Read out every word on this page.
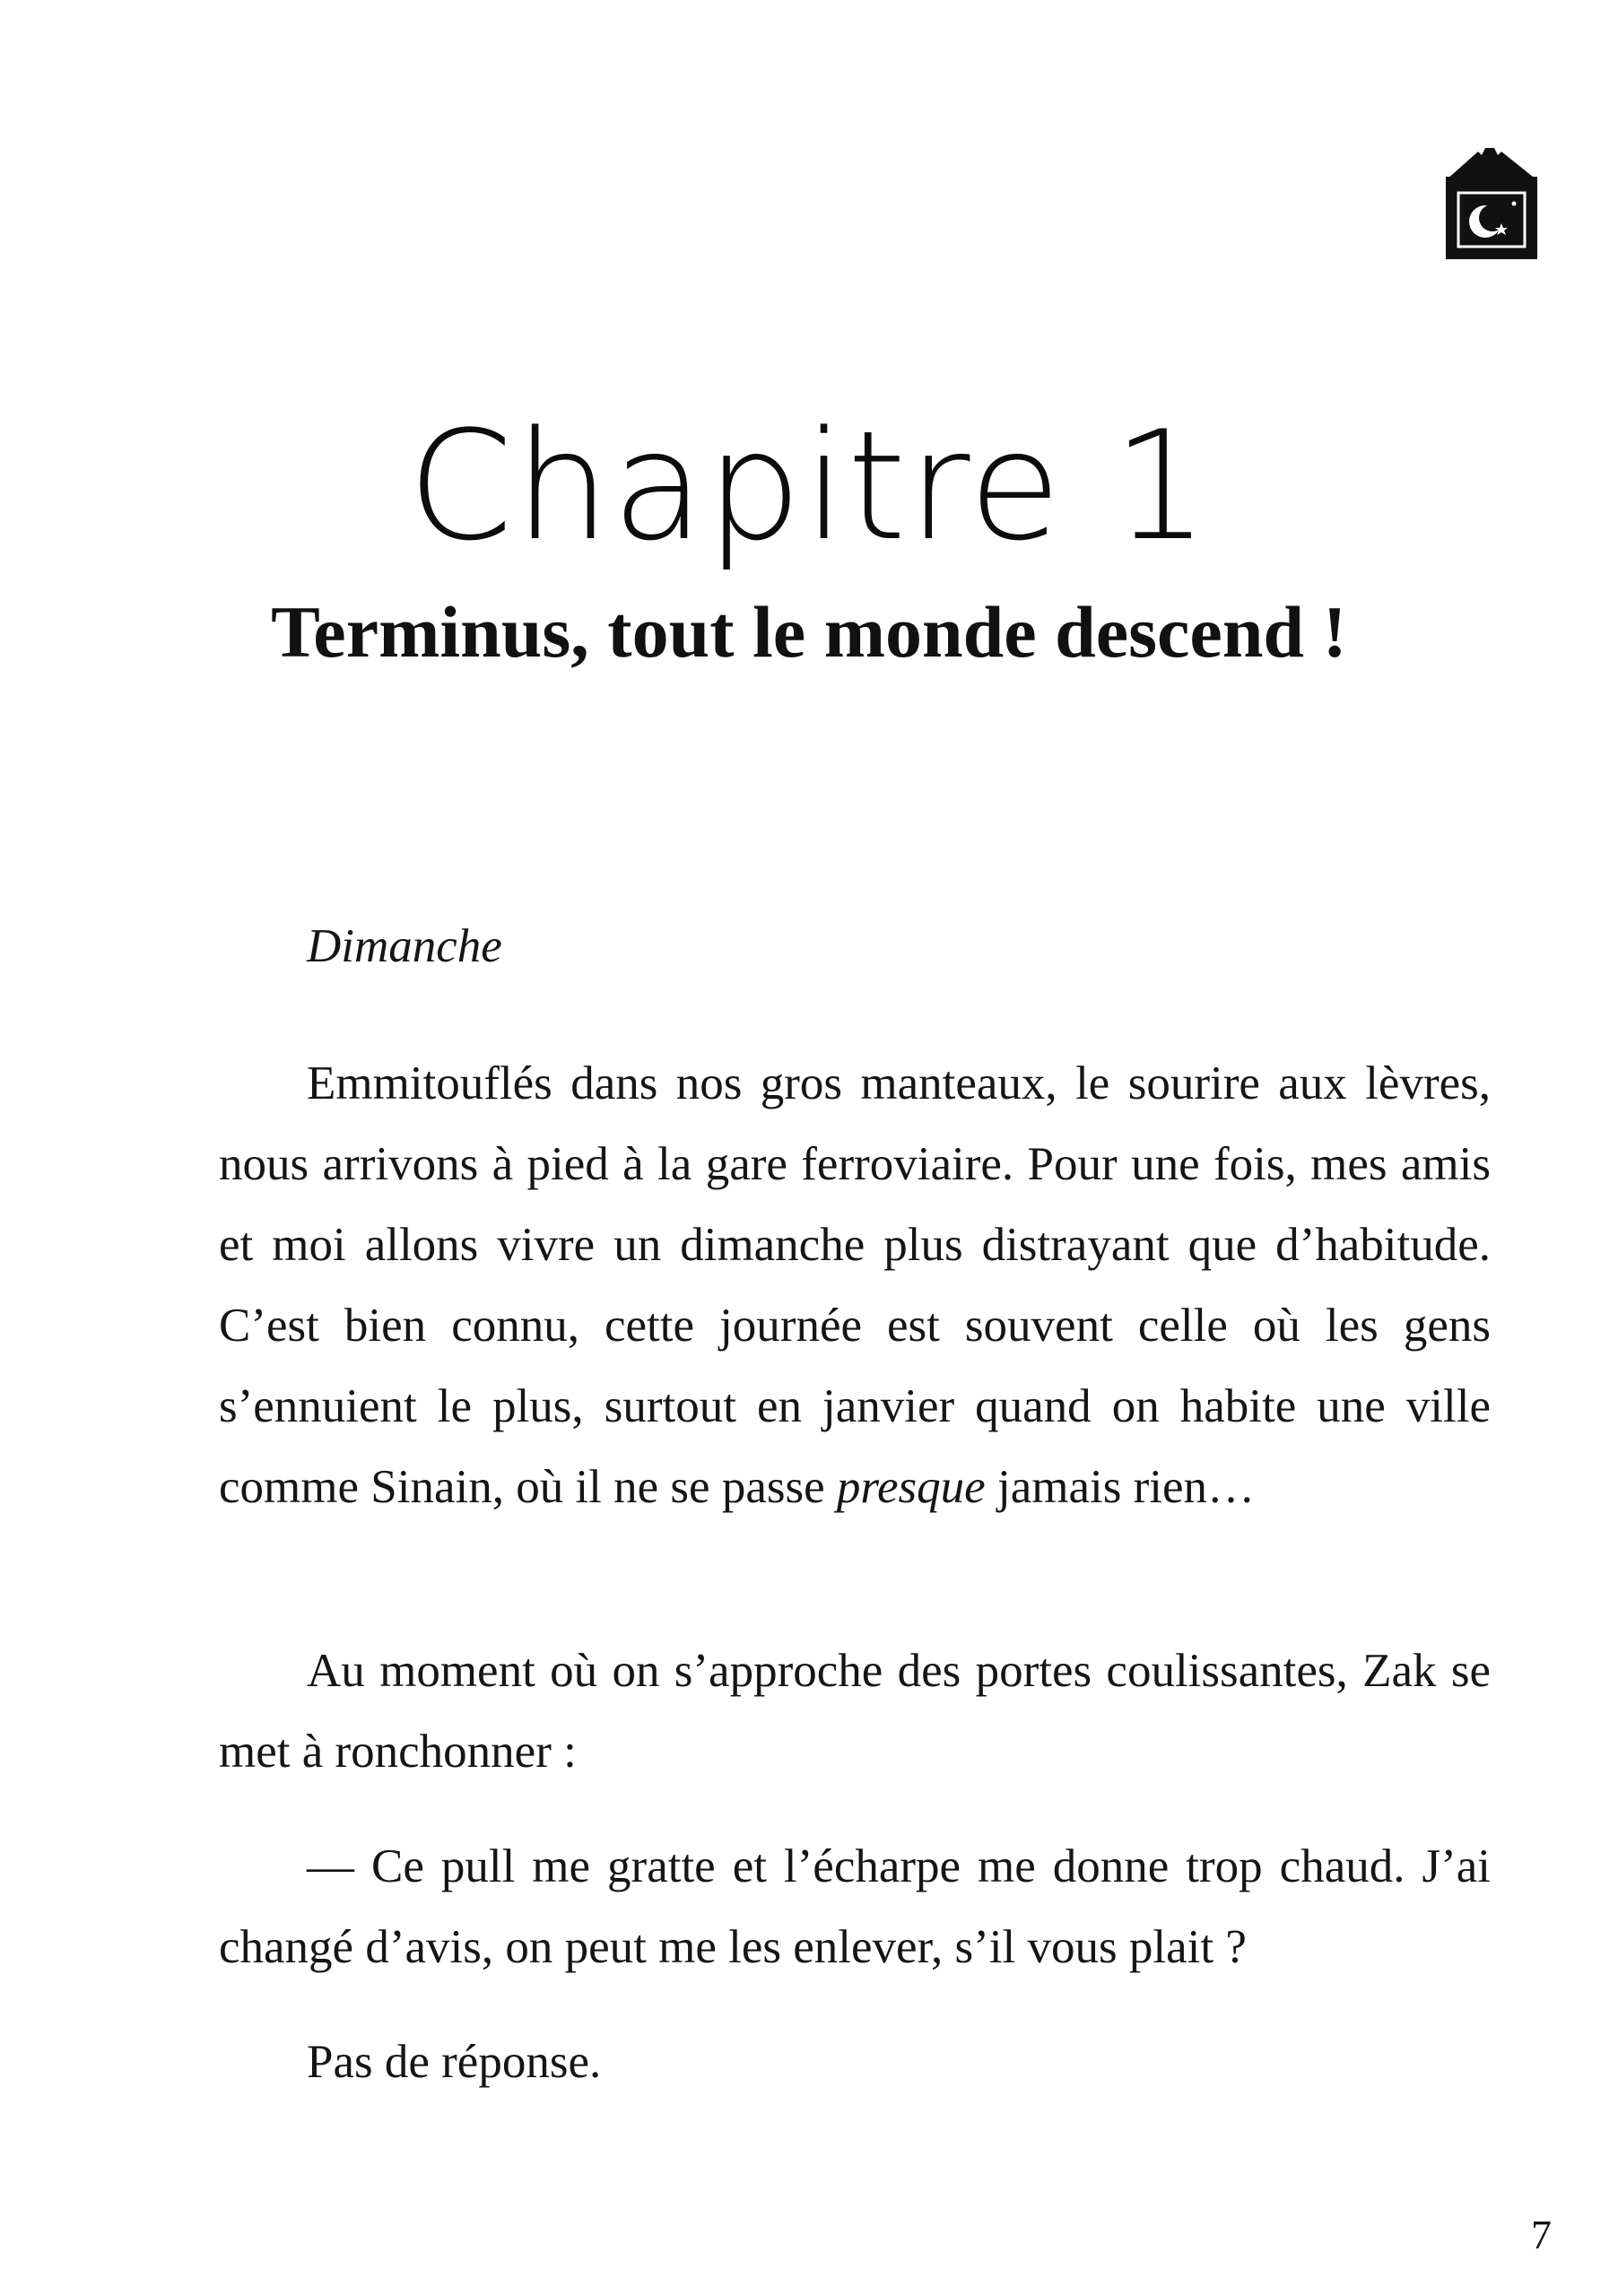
Chapitre 1
Terminus, tout le monde descend !
Dimanche

Emmitouflés dans nos gros manteaux, le sourire aux lèvres, nous arrivons à pied à la gare ferroviaire. Pour une fois, mes amis et moi allons vivre un dimanche plus distrayant que d’habitude. C’est bien connu, cette journée est souvent celle où les gens s’ennuient le plus, surtout en janvier quand on habite une ville comme Sinain, où il ne se passe presque jamais rien…

Au moment où on s’approche des portes coulissantes, Zak se met à ronchonner :

— Ce pull me gratte et l’écharpe me donne trop chaud. J’ai changé d’avis, on peut me les enlever, s’il vous plait ?

Pas de réponse.

7
